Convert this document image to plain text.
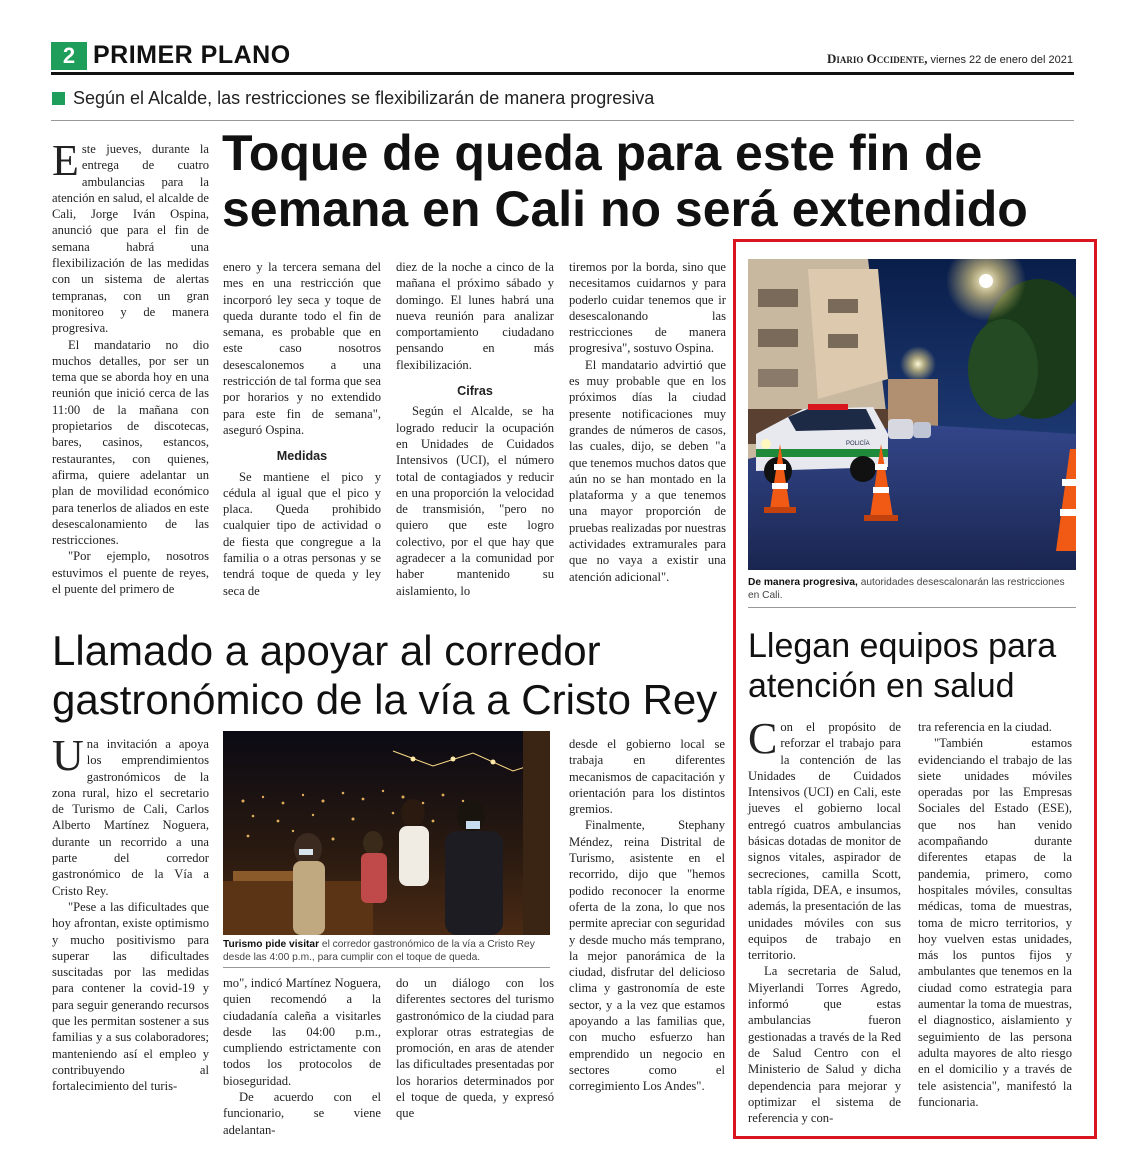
2 PRIMER PLANO	Diario Occidente, viernes 22 de enero del 2021
Según el Alcalde, las restricciones se flexibilizarán de manera progresiva
Toque de queda para este fin de
semana en Cali no será extendido

Este jueves, durante la entrega de cuatro ambulancias para la atención en salud, el alcalde de Cali, Jorge Iván Ospina, anunció que para el fin de semana habrá una flexibilización de las medidas con un sistema de alertas tempranas, con un gran monitoreo y de manera progresiva.

El mandatario no dio muchos detalles, por ser un tema que se aborda hoy en una reunión que inició cerca de las 11:00 de la mañana con propietarios de discotecas, bares, casinos, estancos, restaurantes, con quienes, afirma, quiere adelantar un plan de movilidad económico para tenerlos de aliados en este desescalonamiento de las restricciones.

"Por ejemplo, nosotros estuvimos el puente de reyes, el puente del primero de

enero y la tercera semana del mes en una restricción que incorporó ley seca y toque de queda durante todo el fin de semana, es probable que en este caso nosotros desescalonemos a una restricción de tal forma que sea por horarios y no extendido para este fin de semana", aseguró Ospina.

Medidas

Se mantiene el pico y cédula al igual que el pico y placa. Queda prohibido cualquier tipo de actividad o de fiesta que congregue a la familia o a otras personas y se tendrá toque de queda y ley seca de

diez de la noche a cinco de la mañana el próximo sábado y domingo. El lunes habrá una nueva reunión para analizar comportamiento ciudadano pensando en más flexibilización.

Cifras

Según el Alcalde, se ha logrado reducir la ocupación en Unidades de Cuidados Intensivos (UCI), el número total de contagiados y reducir en una proporción la velocidad de transmisión, "pero no quiero que este logro colectivo, por el que hay que agradecer a la comunidad por haber mantenido su aislamiento, lo

tiremos por la borda, sino que necesitamos cuidarnos y para poderlo cuidar tenemos que ir desescalonando las restricciones de manera progresiva", sostuvo Ospina.

El mandatario advirtió que es muy probable que en los próximos días la ciudad presente notificaciones muy grandes de números de casos, las cuales, dijo, se deben "a que tenemos muchos datos que aún no se han montado en la plataforma y a que tenemos una mayor proporción de pruebas realizadas por nuestras actividades extramurales para que no vaya a existir una atención adicional".

POLICÍA
De manera progresiva, autoridades desescalonarán las restricciones en Cali.
Llegan equipos para
atención en salud

Con el propósito de reforzar el trabajo para la contención de las Unidades de Cuidados Intensivos (UCI) en Cali, este jueves el gobierno local entregó cuatros ambulancias básicas dotadas de monitor de signos vitales, aspirador de secreciones, camilla Scott, tabla rígida, DEA, e insumos, además, la presentación de las unidades móviles con sus equipos de trabajo en territorio.

La secretaria de Salud, Miyerlandi Torres Agredo, informó que estas ambulancias fueron gestionadas a través de la Red de Salud Centro con el Ministerio de Salud y dicha dependencia para mejorar y optimizar el sistema de referencia y con-

tra referencia en la ciudad.

"También estamos evidenciando el trabajo de las siete unidades móviles operadas por las Empresas Sociales del Estado (ESE), que nos han venido acompañando durante diferentes etapas de la pandemia, primero, como hospitales móviles, consultas médicas, toma de muestras, toma de micro territorios, y hoy vuelven estas unidades, más los puntos fijos y ambulantes que tenemos en la ciudad como estrategia para aumentar la toma de muestras, el diagnostico, aislamiento y seguimiento de las persona adulta mayores de alto riesgo en el domicilio y a través de tele asistencia", manifestó la funcionaria.

Llamado a apoyar al corredor
gastronómico de la vía a Cristo Rey

Una invitación a apoya los emprendimientos gastronómicos de la zona rural, hizo el secretario de Turismo de Cali, Carlos Alberto Martínez Noguera, durante un recorrido a una parte del corredor gastronómico de la Vía a Cristo Rey.

"Pese a las dificultades que hoy afrontan, existe optimismo y mucho positivismo para superar las dificultades suscitadas por las medidas para contener la covid-19 y para seguir generando recursos que les permitan sostener a sus familias y a sus colaboradores; manteniendo así el empleo y contribuyendo al fortalecimiento del turis-

Turismo pide visitar el corredor gastronómico de la vía a Cristo Rey desde las 4:00 p.m., para cumplir con el toque de queda.

mo", indicó Martínez Noguera, quien recomendó a la ciudadanía caleña a visitarles desde las 04:00 p.m., cumpliendo estrictamente con todos los protocolos de bioseguridad.

De acuerdo con el funcionario, se viene adelantan-

do un diálogo con los diferentes sectores del turismo gastronómico de la ciudad para explorar otras estrategias de promoción, en aras de atender las dificultades presentadas por los horarios determinados por el toque de queda, y expresó que

desde el gobierno local se trabaja en diferentes mecanismos de capacitación y orientación para los distintos gremios.

Finalmente, Stephany Méndez, reina Distrital de Turismo, asistente en el recorrido, dijo que "hemos podido reconocer la enorme oferta de la zona, lo que nos permite apreciar con seguridad y desde mucho más temprano, la mejor panorámica de la ciudad, disfrutar del delicioso clima y gastronomía de este sector, y a la vez que estamos apoyando a las familias que, con mucho esfuerzo han emprendido un negocio en sectores como el corregimiento Los Andes".
